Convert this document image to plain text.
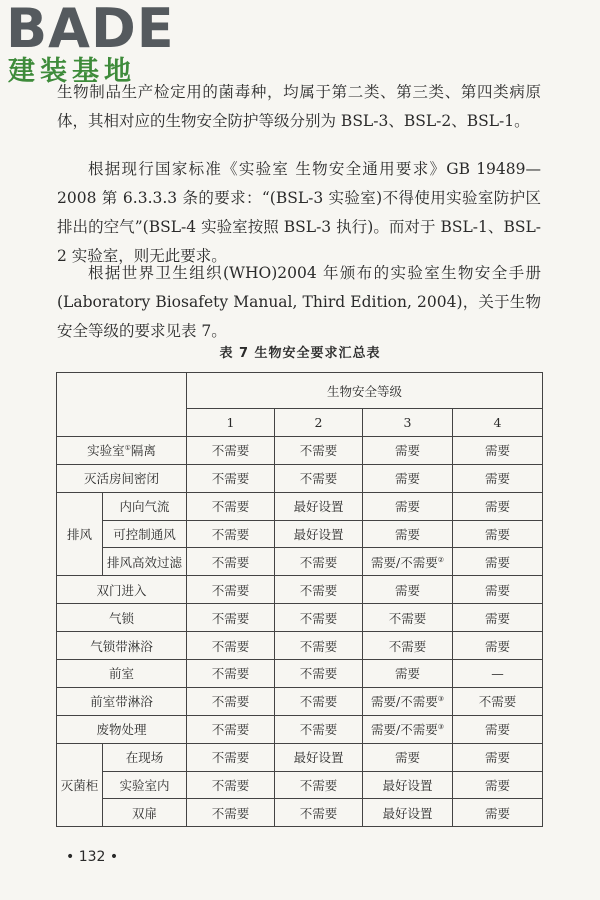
BADE
建装基地

生物制品生产检定用的菌毒种，均属于第二类、第三类、第四类病原体，其相对应的生物安全防护等级分别为 BSL-3、BSL-2、BSL-1。

根据现行国家标准《实验室 生物安全通用要求》GB 19489—2008 第 6.3.3.3 条的要求：“(BSL-3 实验室)不得使用实验室防护区排出的空气”(BSL-4 实验室按照 BSL-3 执行)。而对于 BSL-1、BSL-2 实验室，则无此要求。

根据世界卫生组织(WHO)2004 年颁布的实验室生物安全手册(Laboratory Biosafety Manual, Third Edition, 2004)，关于生物安全等级的要求见表 7。

表 7 生物安全要求汇总表
		生物安全等级			
		1	2	3	4
实验室①隔离		不需要	不需要	需要	需要
灭活房间密闭		不需要	不需要	需要	需要
排风	内向气流	不需要	最好设置	需要	需要
	可控制通风	不需要	最好设置	需要	需要
	排风高效过滤	不需要	不需要	需要/不需要②	需要
双门进入		不需要	不需要	需要	需要
气锁		不需要	不需要	不需要	需要
气锁带淋浴		不需要	不需要	不需要	需要
前室		不需要	不需要	需要	—
前室带淋浴		不需要	不需要	需要/不需要③	不需要
废物处理		不需要	不需要	需要/不需要③	需要
灭菌柜	在现场	不需要	最好设置	需要	需要
	实验室内	不需要	不需要	最好设置	需要
	双扉	不需要	不需要	最好设置	需要
• 132 •
